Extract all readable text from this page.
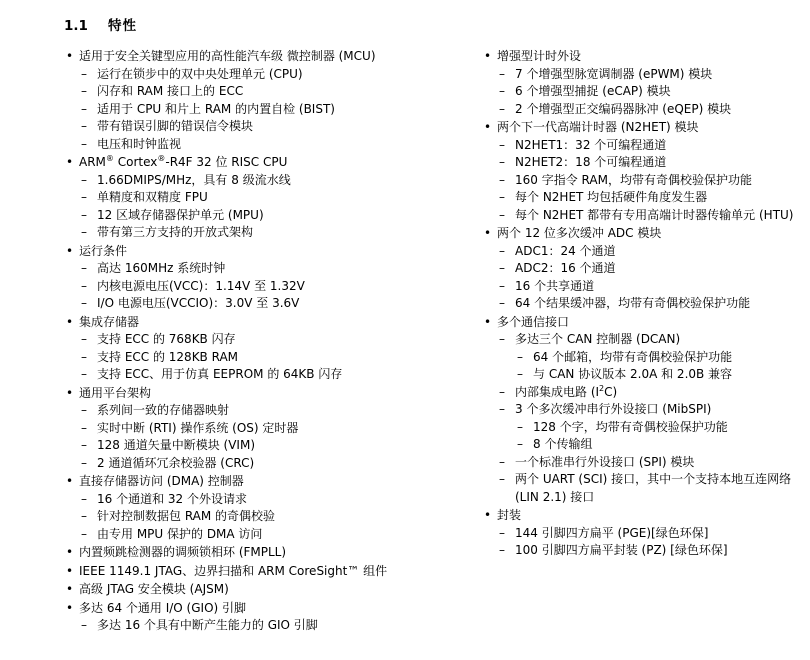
1.1	特性
• 适用于安全关键型应用的高性能汽车级 微控制器 (MCU)
– 运行在锁步中的双中央处理单元 (CPU)
– 闪存和 RAM 接口上的 ECC
– 适用于 CPU 和片上 RAM 的内置自检 (BIST)
– 带有错误引脚的错误信令模块
– 电压和时钟监视
• ARM® Cortex®-R4F 32 位 RISC CPU
– 1.66DMIPS/MHz，具有 8 级流水线
– 单精度和双精度 FPU
– 12 区域存储器保护单元 (MPU)
– 带有第三方支持的开放式架构
• 运行条件
– 高达 160MHz 系统时钟
– 内核电源电压(VCC)：1.14V 至 1.32V
– I/O 电源电压(VCCIO)：3.0V 至 3.6V
• 集成存储器
– 支持 ECC 的 768KB 闪存
– 支持 ECC 的 128KB RAM
– 支持 ECC、用于仿真 EEPROM 的 64KB 闪存
• 通用平台架构
– 系列间一致的存储器映射
– 实时中断 (RTI) 操作系统 (OS) 定时器
– 128 通道矢量中断模块 (VIM)
– 2 通道循环冗余校验器 (CRC)
• 直接存储器访问 (DMA) 控制器
– 16 个通道和 32 个外设请求
– 针对控制数据包 RAM 的奇偶校验
– 由专用 MPU 保护的 DMA 访问
• 内置频跳检测器的调频锁相环 (FMPLL)
• IEEE 1149.1 JTAG、边界扫描和 ARM CoreSight™ 组件
• 高级 JTAG 安全模块 (AJSM)
• 多达 64 个通用 I/O (GIO) 引脚
– 多达 16 个具有中断产生能力的 GIO 引脚
• 增强型计时外设
– 7 个增强型脉宽调制器 (ePWM) 模块
– 6 个增强型捕捉 (eCAP) 模块
– 2 个增强型正交编码器脉冲 (eQEP) 模块
• 两个下一代高端计时器 (N2HET) 模块
– N2HET1：32 个可编程通道
– N2HET2：18 个可编程通道
– 160 字指令 RAM，均带有奇偶校验保护功能
– 每个 N2HET 均包括硬件角度发生器
– 每个 N2HET 都带有专用高端计时器传输单元 (HTU)
• 两个 12 位多次缓冲 ADC 模块
– ADC1：24 个通道
– ADC2：16 个通道
– 16 个共享通道
– 64 个结果缓冲器，均带有奇偶校验保护功能
• 多个通信接口
– 多达三个 CAN 控制器 (DCAN)
– 64 个邮箱，均带有奇偶校验保护功能
– 与 CAN 协议版本 2.0A 和 2.0B 兼容
– 内部集成电路 $(I^2C)$
– 3 个多次缓冲串行外设接口 (MibSPI)
– 128 个字，均带有奇偶校验保护功能
– 8 个传输组
– 一个标准串行外设接口 (SPI) 模块
– 两个 UART (SCI) 接口，其中一个支持本地互连网络 (LIN 2.1) 接口
• 封装
– 144 引脚四方扁平 (PGE)[绿色环保]
– 100 引脚四方扁平封装 (PZ) [绿色环保]
